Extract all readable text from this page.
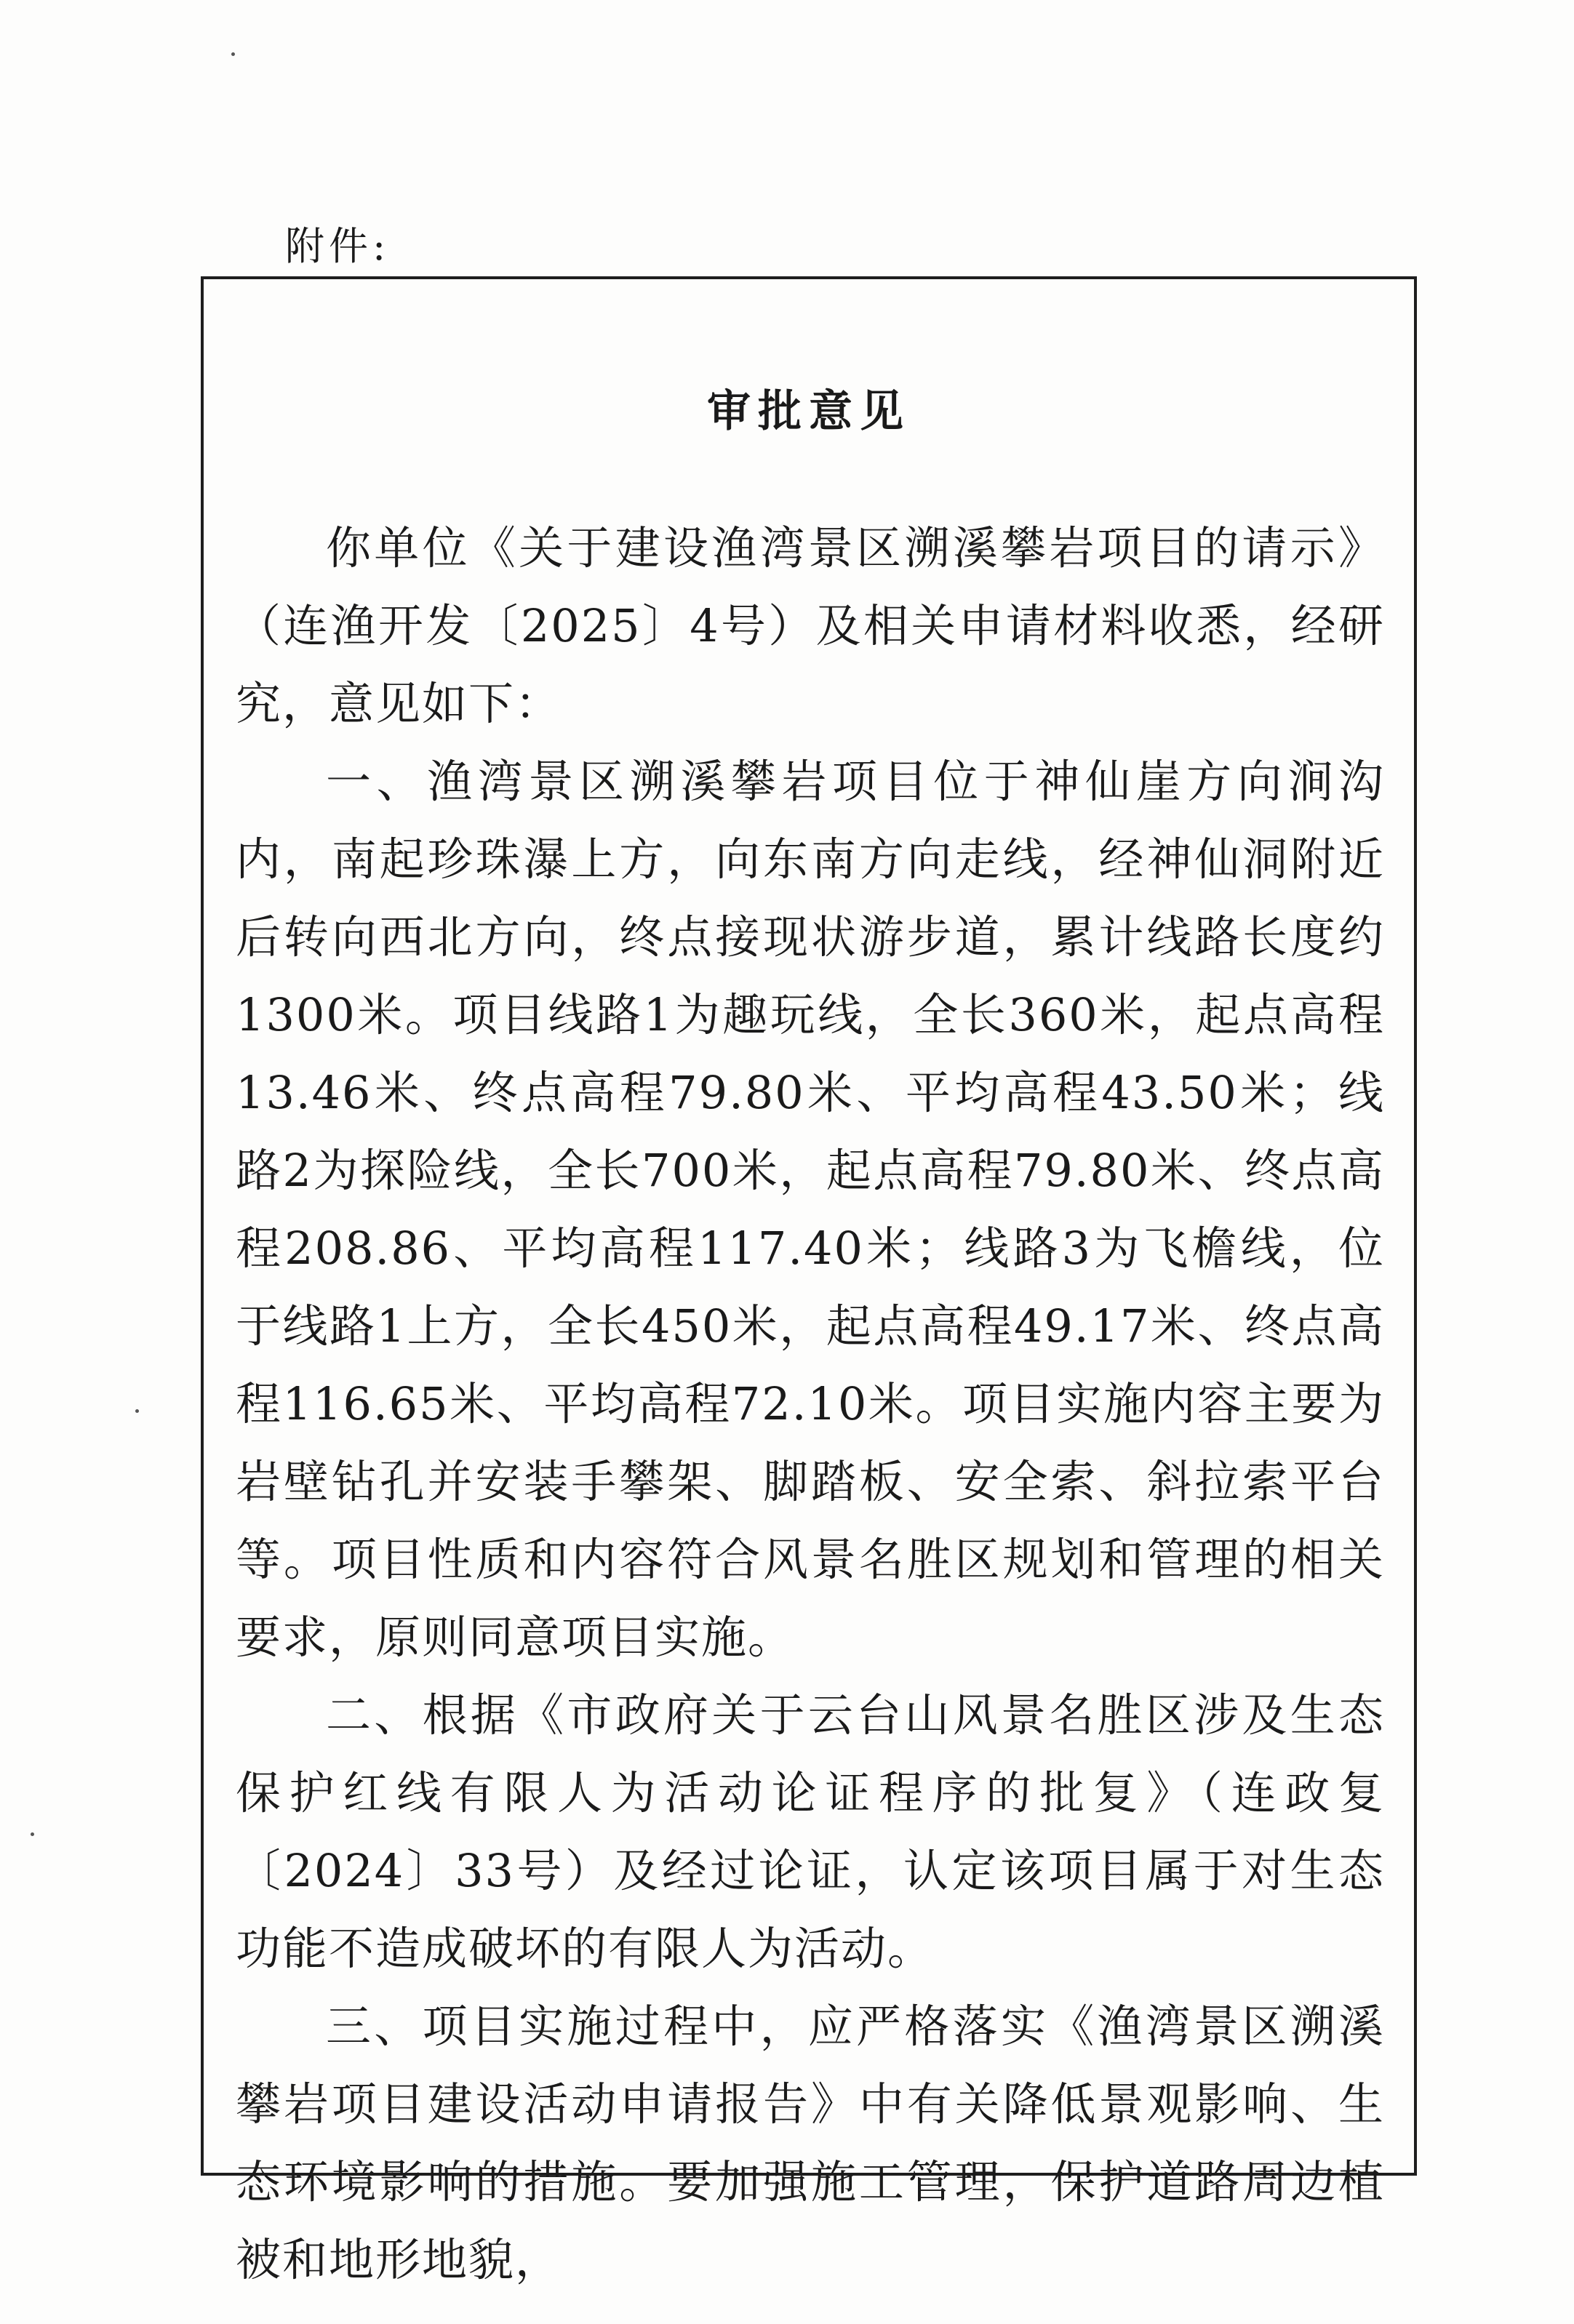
附件:
审批意见

你单位《关于建设渔湾景区溯溪攀岩项目的请示》（连渔开发〔2025〕4号）及相关申请材料收悉，经研究，意见如下：

一、渔湾景区溯溪攀岩项目位于神仙崖方向涧沟内，南起珍珠瀑上方，向东南方向走线，经神仙洞附近后转向西北方向，终点接现状游步道，累计线路长度约1300米。项目线路1为趣玩线，全长360米，起点高程13.46米、终点高程79.80米、平均高程43.50米；线路2为探险线，全长700米，起点高程79.80米、终点高程208.86、平均高程117.40米；线路3为飞檐线，位于线路1上方，全长450米，起点高程49.17米、终点高程116.65米、平均高程72.10米。项目实施内容主要为岩壁钻孔并安装手攀架、脚踏板、安全索、斜拉索平台等。项目性质和内容符合风景名胜区规划和管理的相关要求，原则同意项目实施。

二、根据《市政府关于云台山风景名胜区涉及生态保护红线有限人为活动论证程序的批复》（连政复〔2024〕33号）及经过论证，认定该项目属于对生态功能不造成破坏的有限人为活动。

三、项目实施过程中，应严格落实《渔湾景区溯溪攀岩项目建设活动申请报告》中有关降低景观影响、生态环境影响的措施。要加强施工管理，保护道路周边植被和地形地貌，
